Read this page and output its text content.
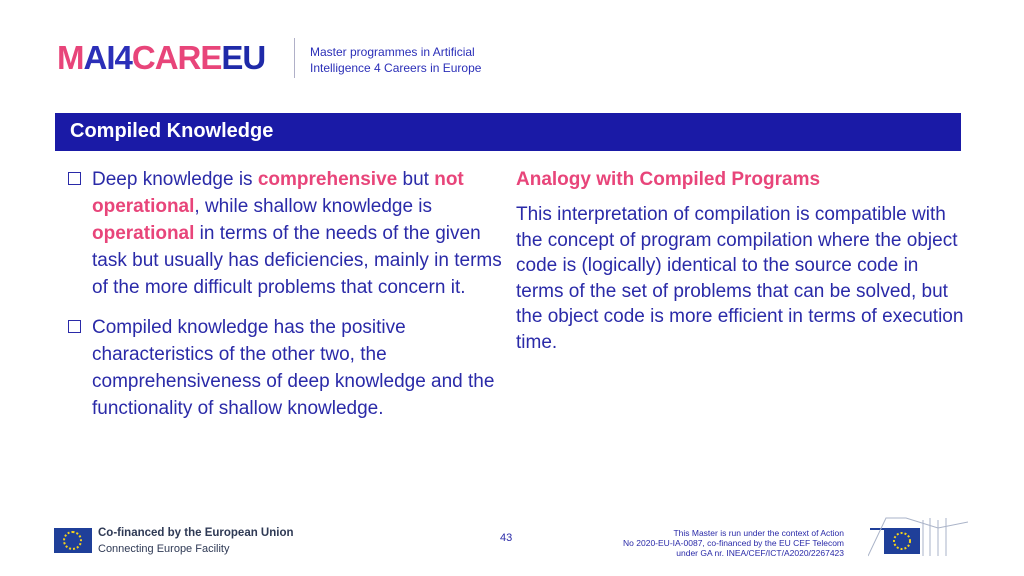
M AI 4 CARE EU	Master programmes in Artificial
Intelligence 4 Careers in Europe
Compiled Knowledge
Deep knowledge is comprehensive but not operational, while shallow knowledge is operational in terms of the needs of the given task but usually has deficiencies, mainly in terms of the more difficult problems that concern it.
Compiled knowledge has the positive characteristics of the other two, the comprehensiveness of deep knowledge and the functionality of shallow knowledge.
Analogy with Compiled Programs
This interpretation of compilation is compatible with the concept of program compilation where the object code is (logically) identical to the source code in terms of the set of problems that can be solved, but the object code is more efficient in terms of execution time.
Co-financed by the European Union
Connecting Europe Facility
43	This Master is run under the context of Action
No 2020-EU-IA-0087, co-financed by the EU CEF Telecom
under GA nr. INEA/CEF/ICT/A2020/2267423
